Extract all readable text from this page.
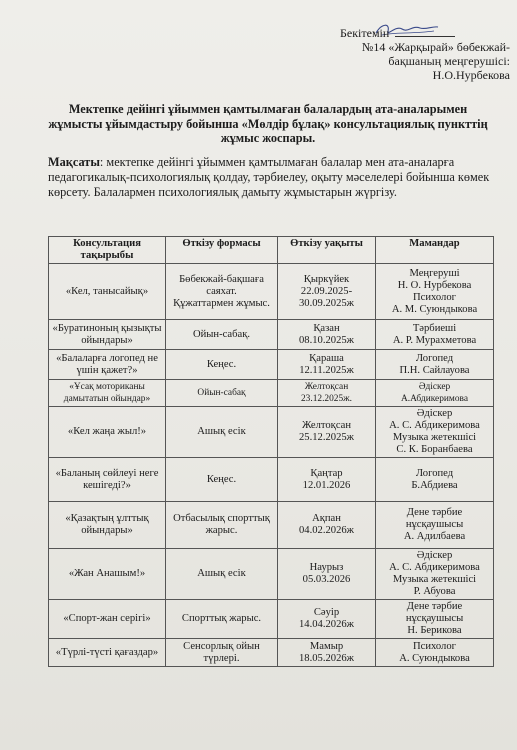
Бекітемін
№14 «Жарқырай» бөбекжай-
бақшаның меңгерушісі:
Н.О.Нурбекова
Мектепке дейінгі ұйыммен қамтылмаған балалардың ата-аналарымен жұмысты ұйымдастыру бойынша «Мөлдір бұлақ» консультациялық пункттің жұмыс жоспары.
Мақсаты: мектепке дейінгі ұйыммен қамтылмаған балалар мен ата-аналарға педагогикалық-психологиялық қолдау, тәрбиелеу, оқыту мәселелері бойынша көмек көрсету. Балалармен психологиялық дамыту жұмыстарын жүргізу.
Консультация тақырыбы	Өткізу формасы	Өткізу уақыты	Мамандар
«Кел, танысайық»	Бөбекжай-бақшаға саяхат.
Құжаттармен жұмыс.	Қыркүйек
22.09.2025-
30.09.2025ж	Меңгеруші
Н. О. Нурбекова
Психолог
А. М. Суюндыкова
«Буратиноның қызықты ойындары»	Ойын-сабақ.	Қазан
08.10.2025ж	Тәрбиеші
А. Р. Мурахметова
«Балаларға логопед не үшін қажет?»	Кеңес.	Қараша
12.11.2025ж	Логопед
П.Н. Сайлауова
«Ұсақ моториканы дамытатын ойындар»	Ойын-сабақ	Желтоқсан
23.12.2025ж.	Әдіскер
А.Абдикеримова
«Кел жаңа жыл!»	Ашық есік	Желтоқсан
25.12.2025ж	Әдіскер
А. С. Абдикеримова
Музыка жетекшісі
С. К. Боранбаева
«Баланың сөйлеуі неге кешігеді?»	Кеңес.	Қаңтар
12.01.2026	Логопед
Б.Абдиева
«Қазақтың ұлттық ойындары»	Отбасылық спорттық жарыс.	Ақпан
04.02.2026ж	Дене тәрбие нұсқаушысы
А. Адилбаева
«Жан Анашым!»	Ашық есік	Наурыз
05.03.2026	Әдіскер
А. С. Абдикеримова
Музыка жетекшісі
Р. Абуова
«Спорт-жан серігі»	Спорттық жарыс.	Сәуір
14.04.2026ж	Дене тәрбие нұсқаушысы
Н. Берикова
«Түрлі-түсті қағаздар»	Сенсорлық ойын түрлері.	Мамыр
18.05.2026ж	Психолог
А. Суюндыкова
